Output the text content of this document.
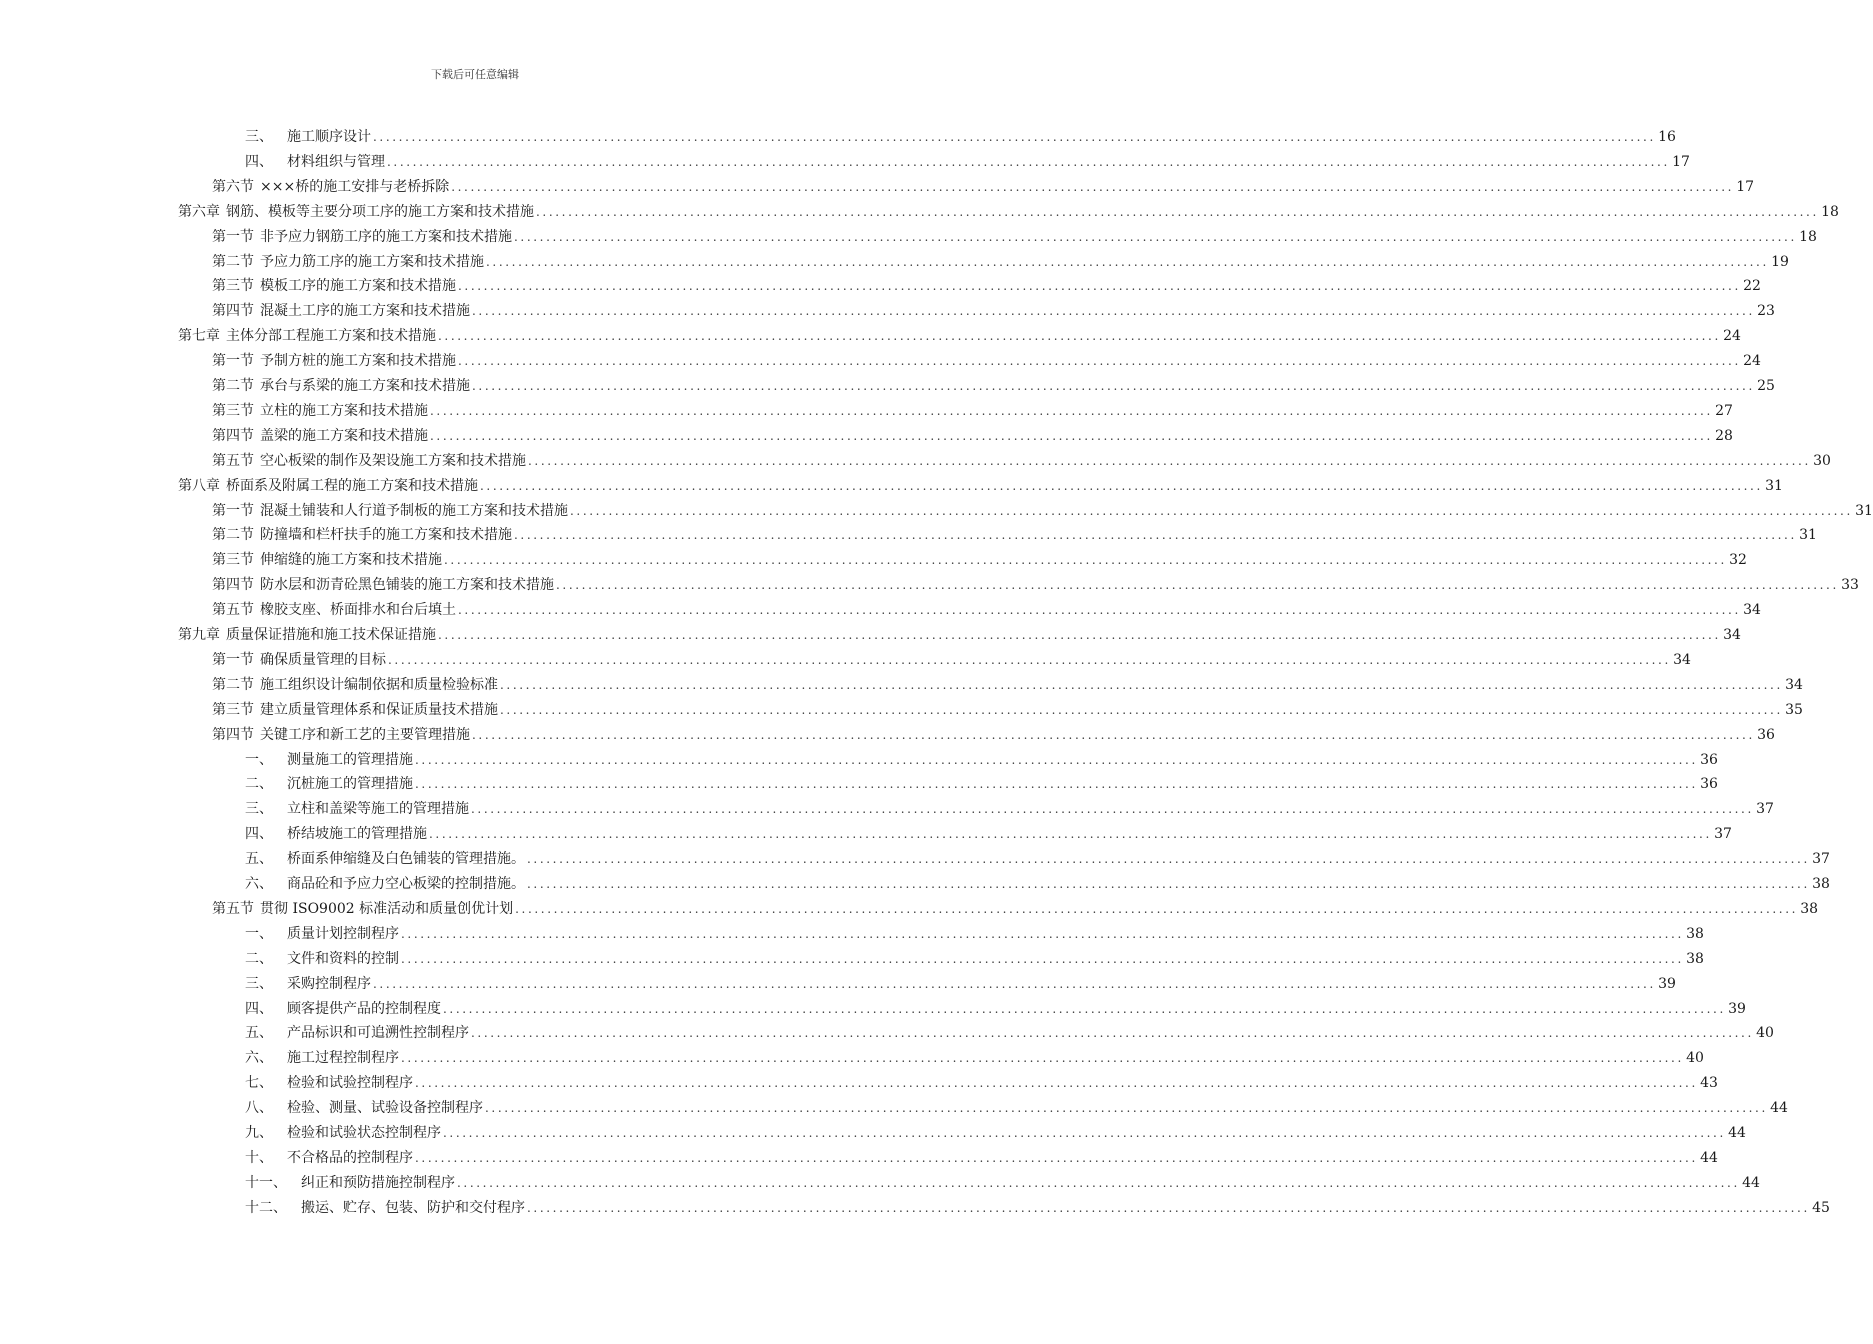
下载后可任意编辑
三、 施工顺序设计 ........................................................................................................................................................................................................ 16
四、 材料组织与管理 ........................................................................................................................................................................................................ 17
第六节 ×××桥的施工安排与老桥拆除 ........................................................................................................................................................................................................ 17
第六章 钢筋、模板等主要分项工序的施工方案和技术措施 ........................................................................................................................................................................................................ 18
第一节 非予应力钢筋工序的施工方案和技术措施 ........................................................................................................................................................................................................ 18
第二节 予应力筋工序的施工方案和技术措施 ........................................................................................................................................................................................................ 19
第三节 模板工序的施工方案和技术措施 ........................................................................................................................................................................................................ 22
第四节 混凝土工序的施工方案和技术措施 ........................................................................................................................................................................................................ 23
第七章 主体分部工程施工方案和技术措施 ........................................................................................................................................................................................................ 24
第一节 予制方桩的施工方案和技术措施 ........................................................................................................................................................................................................ 24
第二节 承台与系梁的施工方案和技术措施 ........................................................................................................................................................................................................ 25
第三节 立柱的施工方案和技术措施 ........................................................................................................................................................................................................ 27
第四节 盖梁的施工方案和技术措施 ........................................................................................................................................................................................................ 28
第五节 空心板梁的制作及架设施工方案和技术措施 ........................................................................................................................................................................................................ 30
第八章 桥面系及附属工程的施工方案和技术措施 ........................................................................................................................................................................................................ 31
第一节 混凝土铺装和人行道予制板的施工方案和技术措施 ........................................................................................................................................................................................................ 31
第二节 防撞墙和栏杆扶手的施工方案和技术措施 ........................................................................................................................................................................................................ 31
第三节 伸缩缝的施工方案和技术措施 ........................................................................................................................................................................................................ 32
第四节 防水层和沥青砼黑色铺装的施工方案和技术措施 ........................................................................................................................................................................................................ 33
第五节 橡胶支座、桥面排水和台后填土 ........................................................................................................................................................................................................ 34
第九章 质量保证措施和施工技术保证措施 ........................................................................................................................................................................................................ 34
第一节 确保质量管理的目标 ........................................................................................................................................................................................................ 34
第二节 施工组织设计编制依据和质量检验标准 ........................................................................................................................................................................................................ 34
第三节 建立质量管理体系和保证质量技术措施 ........................................................................................................................................................................................................ 35
第四节 关键工序和新工艺的主要管理措施 ........................................................................................................................................................................................................ 36
一、 测量施工的管理措施 ........................................................................................................................................................................................................ 36
二、 沉桩施工的管理措施 ........................................................................................................................................................................................................ 36
三、 立柱和盖梁等施工的管理措施 ........................................................................................................................................................................................................ 37
四、 桥结坡施工的管理措施 ........................................................................................................................................................................................................ 37
五、 桥面系伸缩缝及白色铺装的管理措施。 ........................................................................................................................................................................................................ 37
六、 商品砼和予应力空心板梁的控制措施。 ........................................................................................................................................................................................................ 38
第五节 贯彻 ISO9002 标准活动和质量创优计划 ........................................................................................................................................................................................................ 38
一、 质量计划控制程序 ........................................................................................................................................................................................................ 38
二、 文件和资料的控制 ........................................................................................................................................................................................................ 38
三、 采购控制程序 ........................................................................................................................................................................................................ 39
四、 顾客提供产品的控制程度 ........................................................................................................................................................................................................ 39
五、 产品标识和可追溯性控制程序 ........................................................................................................................................................................................................ 40
六、 施工过程控制程序 ........................................................................................................................................................................................................ 40
七、 检验和试验控制程序 ........................................................................................................................................................................................................ 43
八、 检验、测量、试验设备控制程序 ........................................................................................................................................................................................................ 44
九、 检验和试验状态控制程序 ........................................................................................................................................................................................................ 44
十、 不合格品的控制程序 ........................................................................................................................................................................................................ 44
十一、 纠正和预防措施控制程序 ........................................................................................................................................................................................................ 44
十二、 搬运、贮存、包装、防护和交付程序 ........................................................................................................................................................................................................ 45
